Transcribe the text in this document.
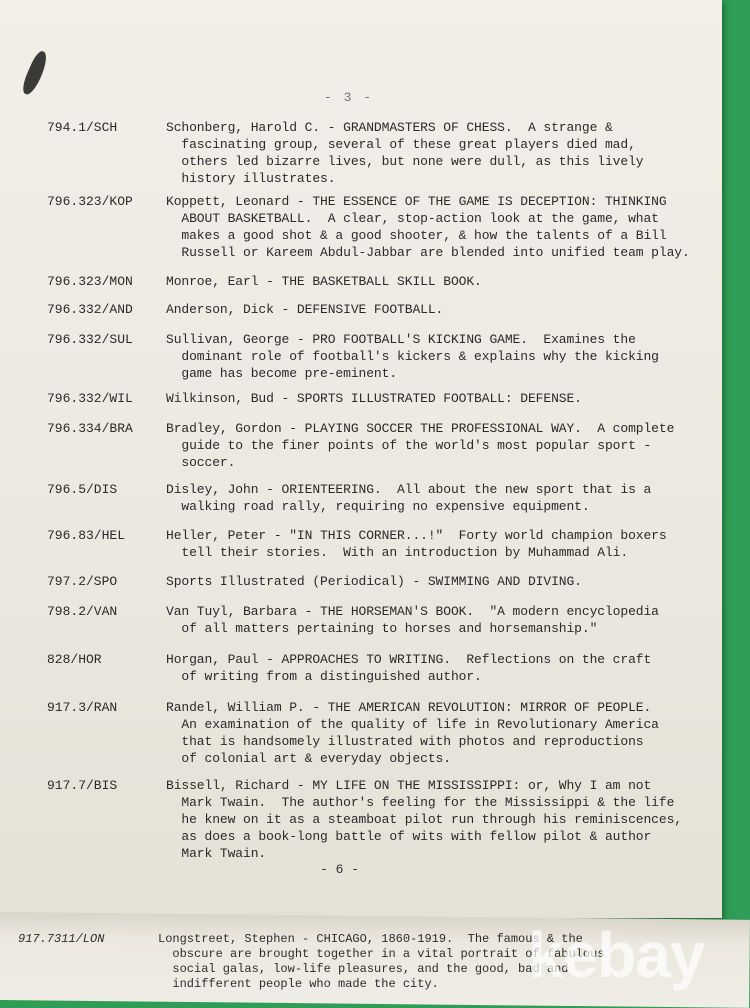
- 3 -
794.1/SCH	Schonberg, Harold C. - GRANDMASTERS OF CHESS.  A strange &
fascinating group, several of these great players died mad,
others led bizarre lives, but none were dull, as this lively
history illustrates.
796.323/KOP	Koppett, Leonard - THE ESSENCE OF THE GAME IS DECEPTION: THINKING
ABOUT BASKETBALL.  A clear, stop-action look at the game, what
makes a good shot & a good shooter, & how the talents of a Bill
Russell or Kareem Abdul-Jabbar are blended into unified team play.
796.323/MON	Monroe, Earl - THE BASKETBALL SKILL BOOK.
796.332/AND	Anderson, Dick - DEFENSIVE FOOTBALL.
796.332/SUL	Sullivan, George - PRO FOOTBALL'S KICKING GAME.  Examines the
dominant role of football's kickers & explains why the kicking
game has become pre-eminent.
796.332/WIL	Wilkinson, Bud - SPORTS ILLUSTRATED FOOTBALL: DEFENSE.
796.334/BRA	Bradley, Gordon - PLAYING SOCCER THE PROFESSIONAL WAY.  A complete
guide to the finer points of the world's most popular sport -
soccer.
796.5/DIS	Disley, John - ORIENTEERING.  All about the new sport that is a
walking road rally, requiring no expensive equipment.
796.83/HEL	Heller, Peter - "IN THIS CORNER...!"  Forty world champion boxers
tell their stories.  With an introduction by Muhammad Ali.
797.2/SPO	Sports Illustrated (Periodical) - SWIMMING AND DIVING.
798.2/VAN	Van Tuyl, Barbara - THE HORSEMAN'S BOOK.  "A modern encyclopedia
of all matters pertaining to horses and horsemanship."
828/HOR	Horgan, Paul - APPROACHES TO WRITING.  Reflections on the craft
of writing from a distinguished author.
917.3/RAN	Randel, William P. - THE AMERICAN REVOLUTION: MIRROR OF PEOPLE.
An examination of the quality of life in Revolutionary America
that is handsomely illustrated with photos and reproductions
of colonial art & everyday objects.
917.7/BIS	Bissell, Richard - MY LIFE ON THE MISSISSIPPI: or, Why I am not
Mark Twain.  The author's feeling for the Mississippi & the life
he knew on it as a steamboat pilot run through his reminiscences,
as does a book-long battle of wits with fellow pilot & author
Mark Twain.
- 6 -
917.7311/LON	Longstreet, Stephen - CHICAGO, 1860-1919.  The famous & the
obscure are brought together in a vital portrait of fabulous
social galas, low-life pleasures, and the good, bad and
indifferent people who made the city.	kebay
